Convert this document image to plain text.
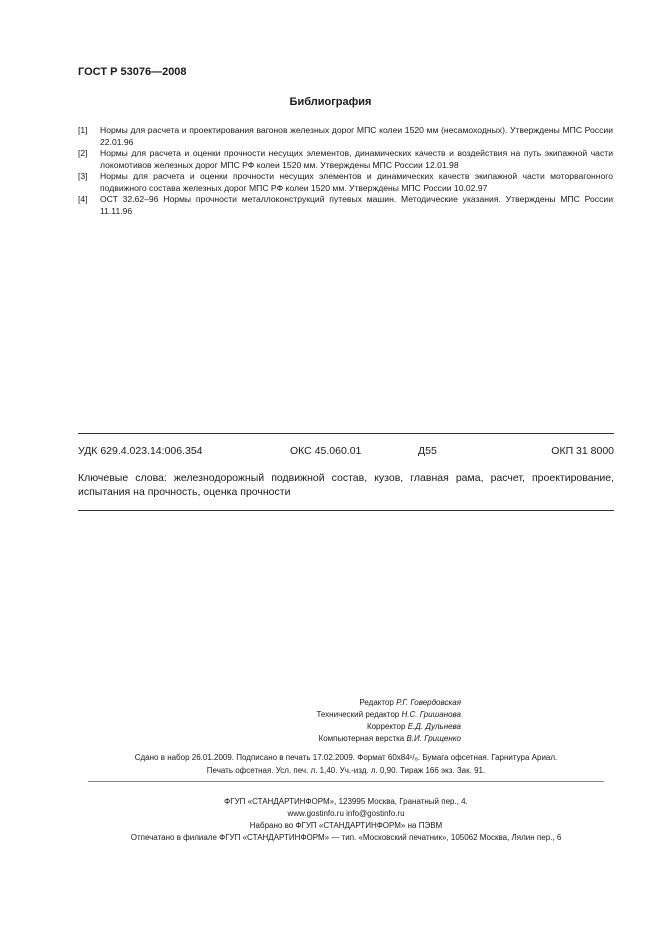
ГОСТ Р 53076—2008
Библиография
[1]	Нормы для расчета и проектирования вагонов железных дорог МПС колеи 1520 мм (несамоходных). Утверждены МПС России 22.01.96
[2]	Нормы для расчета и оценки прочности несущих элементов, динамических качеств и воздействия на путь экипажной части локомотивов железных дорог МПС РФ колеи 1520 мм. Утверждены МПС России 12.01.98
[3]	Нормы для расчета и оценки прочности несущих элементов и динамических качеств экипажной части моторвагонного подвижного состава железных дорог МПС РФ колеи 1520 мм. Утверждены МПС России 10.02.97
[4]	ОСТ 32.62–96 Нормы прочности металлоконструкций путевых машин. Методические указания. Утверждены МПС России 11.11.96
УДК 629.4.023.14:006.354	ОКС 45.060.01	Д55	ОКП 31 8000
Ключевые слова: железнодорожный подвижной состав, кузов, главная рама, расчет, проектирование, испытания на прочность, оценка прочности
Редактор Р.Г. Говердовская
Технический редактор Н.С. Гришанова
Корректор Е.Д. Дульнева
Компьютерная верстка В.И. Грищенко
Сдано в набор 26.01.2009. Подписано в печать 17.02.2009. Формат 60x84¹/₈. Бумага офсетная. Гарнитура Ариал.
Печать офсетная. Усл. печ. л. 1,40. Уч.-изд. л. 0,90. Тираж 166 экз. Зак. 91.
ФГУП «СТАНДАРТИНФОРМ», 123995 Москва, Гранатный пер., 4.
www.gostinfo.ru info@gostinfo.ru
Набрано во ФГУП «СТАНДАРТИНФОРМ» на ПЭВМ
Отпечатано в филиале ФГУП «СТАНДАРТИНФОРМ» — тип. «Московский печатник», 105062 Москва, Лялин пер., 6
